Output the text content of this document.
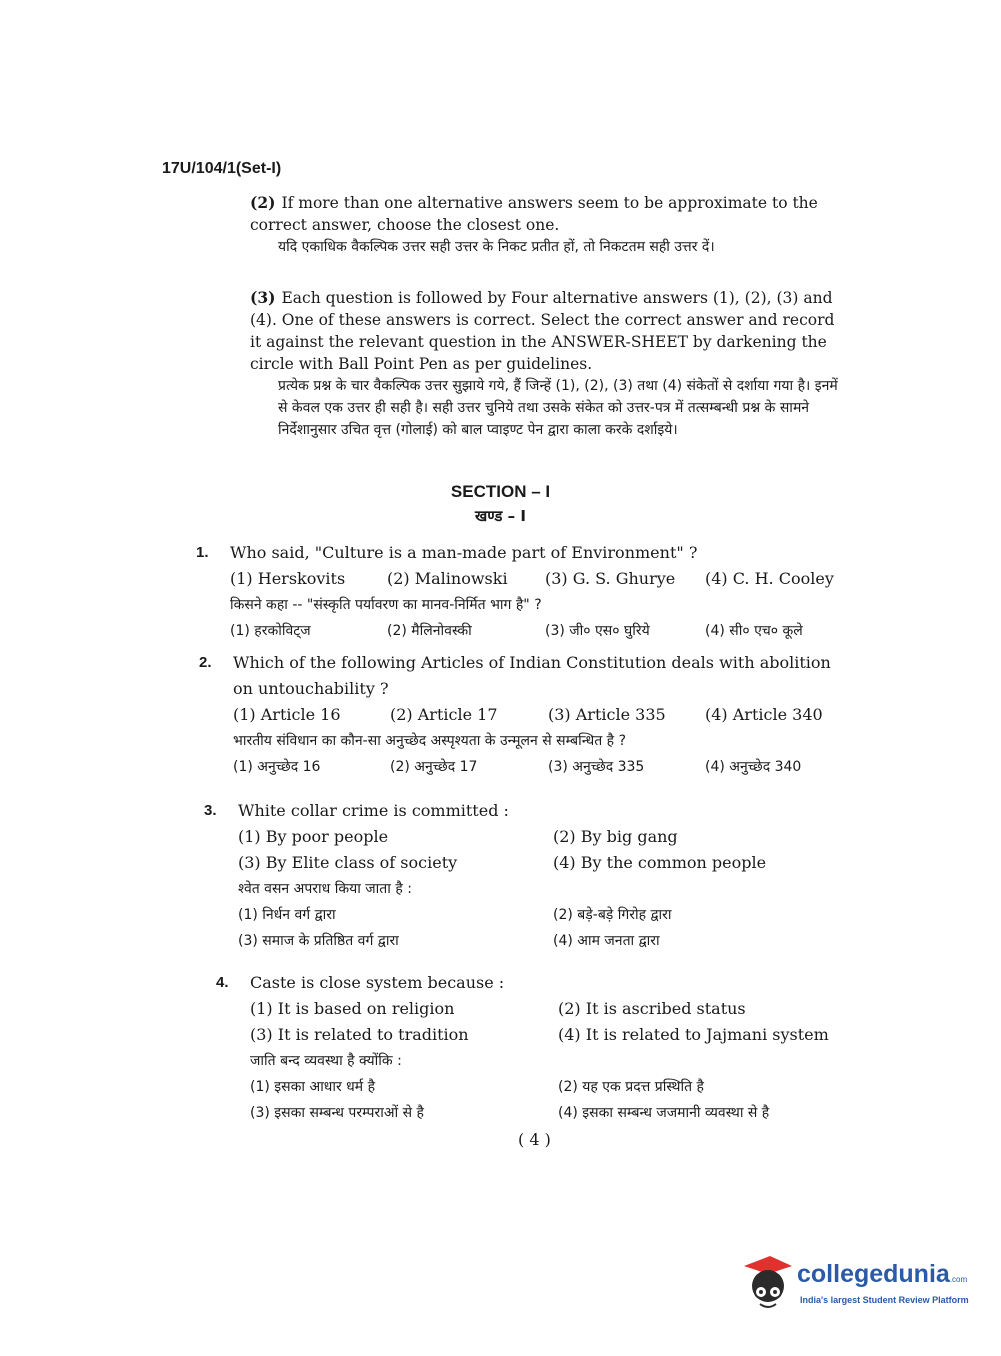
17U/104/1(Set-I)
(2) If more than one alternative answers seem to be approximate to the correct answer, choose the closest one.
यदि एकाधिक वैकल्पिक उत्तर सही उत्तर के निकट प्रतीत हों, तो निकटतम सही उत्तर दें।
(3) Each question is followed by Four alternative answers (1), (2), (3) and (4). One of these answers is correct. Select the correct answer and record it against the relevant question in the ANSWER-SHEET by darkening the circle with Ball Point Pen as per guidelines.
प्रत्येक प्रश्न के चार वैकल्पिक उत्तर सुझाये गये, हैं जिन्हें (1), (2), (3) तथा (4) संकेतों से दर्शाया गया है। इनमें से केवल एक उत्तर ही सही है। सही उत्तर चुनिये तथा उसके संकेत को उत्तर-पत्र में तत्सम्बन्धी प्रश्न के सामने निर्देशानुसार उचित वृत्त (गोलाई) को बाल प्वाइण्ट पेन द्वारा काला करके दर्शाइये।
SECTION – I
खण्ड – I
1. Who said, "Culture is a man-made part of Environment" ?
(1) Herskovits	(2) Malinowski	(3) G. S. Ghurye	(4) C. H. Cooley
किसने कहा -- "संस्कृति पर्यावरण का मानव-निर्मित भाग है" ?
(1) हरकोविट्ज	(2) मैलिनोवस्की	(3) जी० एस० घुरिये	(4) सी० एच० कूले
2. Which of the following Articles of Indian Constitution deals with abolition on untouchability ?
(1) Article 16	(2) Article 17	(3) Article 335	(4) Article 340
भारतीय संविधान का कौन-सा अनुच्छेद अस्पृश्यता के उन्मूलन से सम्बन्धित है ?
(1) अनुच्छेद 16	(2) अनुच्छेद 17	(3) अनुच्छेद 335	(4) अनुच्छेद 340
3. White collar crime is committed :
(1) By poor people	(2) By big gang
(3) By Elite class of society	(4) By the common people
श्वेत वसन अपराध किया जाता है :
(1) निर्धन वर्ग द्वारा	(2) बड़े-बड़े गिरोह द्वारा
(3) समाज के प्रतिष्ठित वर्ग द्वारा	(4) आम जनता द्वारा
4. Caste is close system because :
(1) It is based on religion	(2) It is ascribed status
(3) It is related to tradition	(4) It is related to Jajmani system
जाति बन्द व्यवस्था है क्योंकि :
(1) इसका आधार धर्म है	(2) यह एक प्रदत्त प्रस्थिति है
(3) इसका सम्बन्ध परम्पराओं से है	(4) इसका सम्बन्ध जजमानी व्यवस्था से है
( 4 )
collegedunia.com
India's largest Student Review Platform
